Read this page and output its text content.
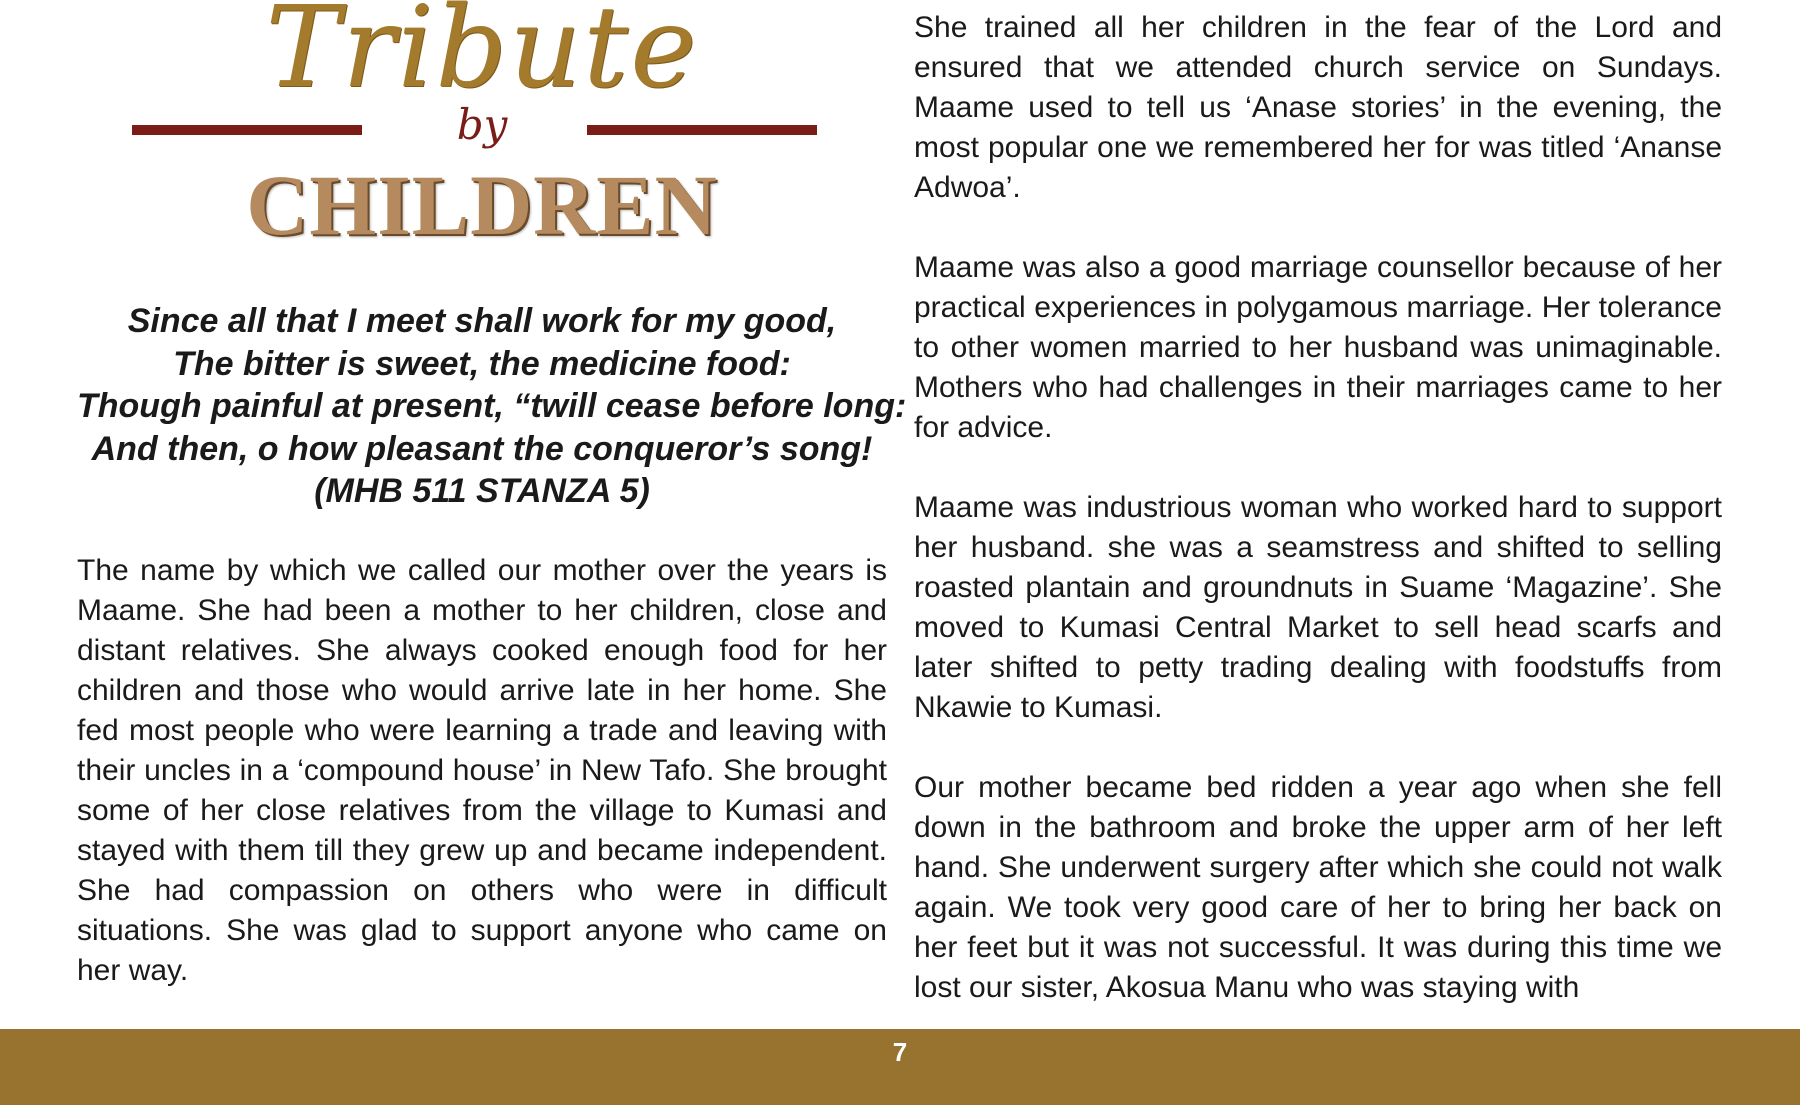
Tribute
by
CHILDREN
Since all that I meet shall work for my good,
The bitter is sweet, the medicine food:
Though painful at present, “twill cease before long:
And then, o how pleasant the conqueror’s song!
(MHB 511 STANZA 5)
The name by which we called our mother over the years is Maame. She had been a mother to her children, close and distant relatives. She always cooked enough food for her children and those who would arrive late in her home. She fed most people who were learning a trade and leaving with their uncles in a ‘compound house’ in New Tafo. She brought some of her close relatives from the village to Kumasi and stayed with them till they grew up and became independent. She had compassion on others who were in difficult situations. She was glad to support anyone who came on her way.

She trained all her children in the fear of the Lord and ensured that we attended church service on Sundays. Maame used to tell us ‘Anase stories’ in the evening, the most popular one we remembered her for was titled ‘Ananse Adwoa’.

Maame was also a good marriage counsellor because of her practical experiences in polygamous marriage. Her tolerance to other women married to her husband was unimaginable. Mothers who had challenges in their marriages came to her for advice.

Maame was industrious woman who worked hard to support her husband. she was a seamstress and shifted to selling roasted plantain and groundnuts in Suame ‘Magazine’. She moved to Kumasi Central Market to sell head scarfs and later shifted to petty trading dealing with foodstuffs from Nkawie to Kumasi.

Our mother became bed ridden a year ago when she fell down in the bathroom and broke the upper arm of her left hand. She underwent surgery after which she could not walk again. We took very good care of her to bring her back on her feet but it was not successful. It was during this time we lost our sister, Akosua Manu who was staying with

7
